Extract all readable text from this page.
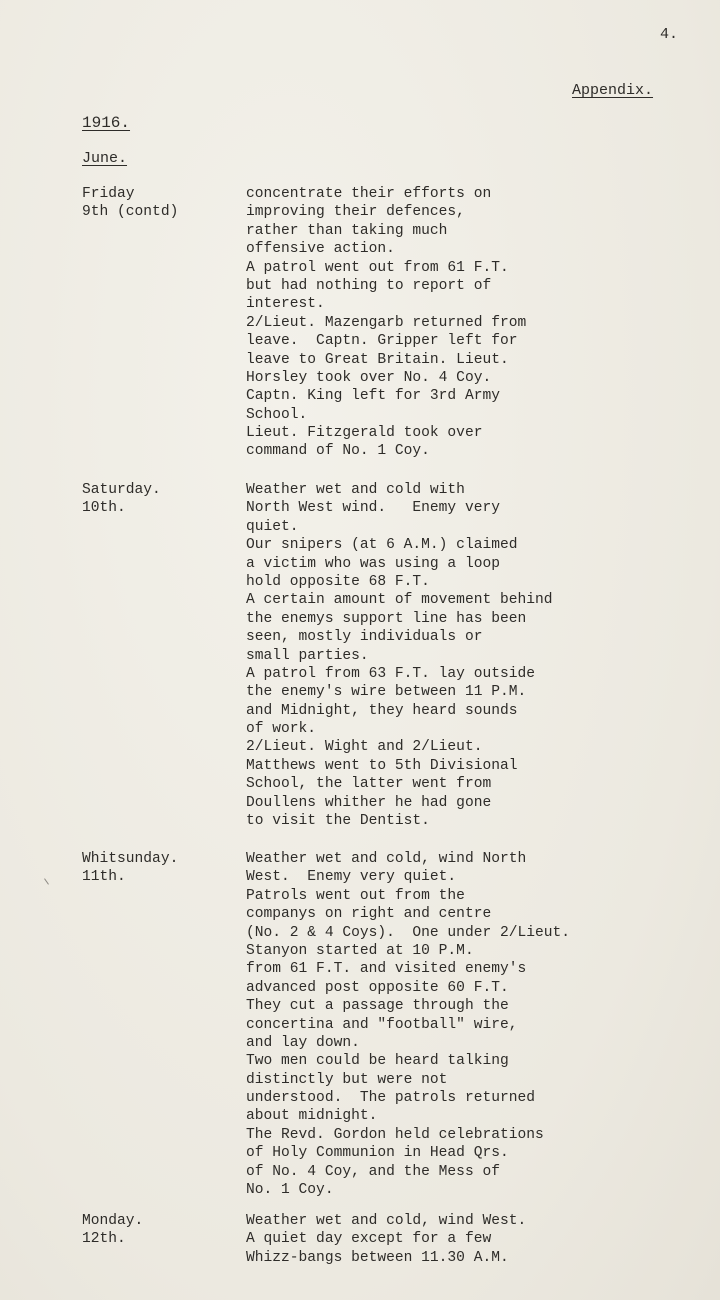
4.
Appendix.
1916.
June.
Friday
9th (contd)
concentrate their efforts on
improving their defences,
rather than taking much
offensive action.
A patrol went out from 61 F.T.
but had nothing to report of
interest.
2/Lieut. Mazengarb returned from
leave.  Captn. Gripper left for
leave to Great Britain. Lieut.
Horsley took over No. 4 Coy.
Captn. King left for 3rd Army
School.
Lieut. Fitzgerald took over
command of No. 1 Coy.
Saturday.
10th.
Weather wet and cold with
North West wind.   Enemy very
quiet.
Our snipers (at 6 A.M.) claimed
a victim who was using a loop
hold opposite 68 F.T.
A certain amount of movement behind
the enemys support line has been
seen, mostly individuals or
small parties.
A patrol from 63 F.T. lay outside
the enemy's wire between 11 P.M.
and Midnight, they heard sounds
of work.
2/Lieut. Wight and 2/Lieut.
Matthews went to 5th Divisional
School, the latter went from
Doullens whither he had gone
to visit the Dentist.
Whitsunday.
11th.
Weather wet and cold, wind North
West.  Enemy very quiet.
Patrols went out from the
companys on right and centre
(No. 2 & 4 Coys).  One under 2/Lieut.
Stanyon started at 10 P.M.
from 61 F.T. and visited enemy's
advanced post opposite 60 F.T.
They cut a passage through the
concertina and "football" wire,
and lay down.
Two men could be heard talking
distinctly but were not
understood.  The patrols returned
about midnight.
The Revd. Gordon held celebrations
of Holy Communion in Head Qrs.
of No. 4 Coy, and the Mess of
No. 1 Coy.
Monday.
12th.
Weather wet and cold, wind West.
A quiet day except for a few
Whizz-bangs between 11.30 A.M.
